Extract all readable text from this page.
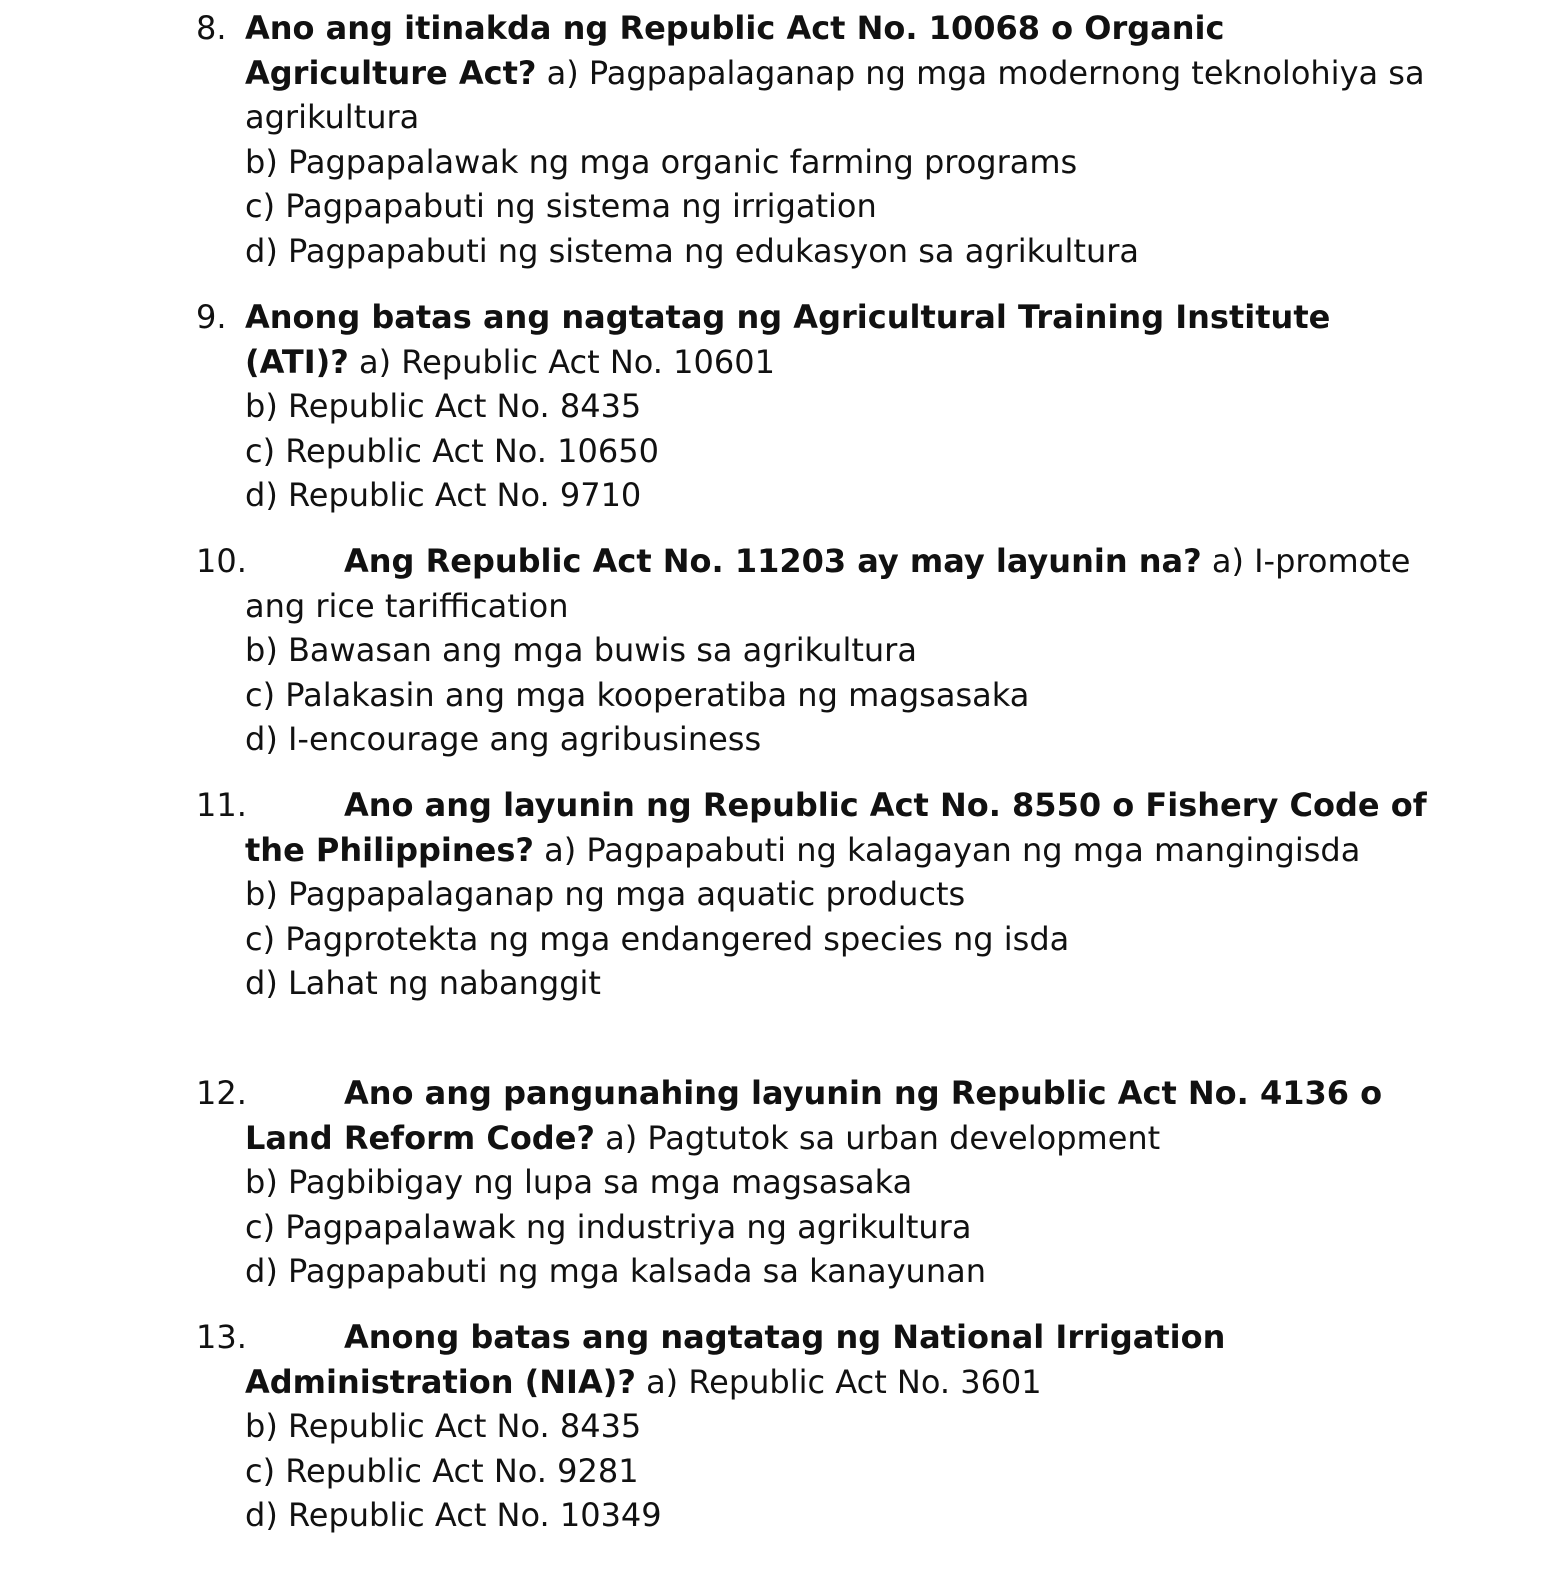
8. Ano ang itinakda ng Republic Act No. 10068 o Organic Agriculture Act? a) Pagpapalaganap ng mga modernong teknolohiya sa agrikultura
b) Pagpapalawak ng mga organic farming programs
c) Pagpapabuti ng sistema ng irrigation
d) Pagpapabuti ng sistema ng edukasyon sa agrikultura

9. Anong batas ang nagtatag ng Agricultural Training Institute (ATI)? a) Republic Act No. 10601
b) Republic Act No. 8435
c) Republic Act No. 10650
d) Republic Act No. 9710

10.	Ang Republic Act No. 11203 ay may layunin na? a) I-promote ang rice tariffication
b) Bawasan ang mga buwis sa agrikultura
c) Palakasin ang mga kooperatiba ng magsasaka
d) I-encourage ang agribusiness

11.	Ano ang layunin ng Republic Act No. 8550 o Fishery Code of the Philippines? a) Pagpapabuti ng kalagayan ng mga mangingisda
b) Pagpapalaganap ng mga aquatic products
c) Pagprotekta ng mga endangered species ng isda
d) Lahat ng nabanggit

12.	Ano ang pangunahing layunin ng Republic Act No. 4136 o Land Reform Code? a) Pagtutok sa urban development
b) Pagbibigay ng lupa sa mga magsasaka
c) Pagpapalawak ng industriya ng agrikultura
d) Pagpapabuti ng mga kalsada sa kanayunan

13.	Anong batas ang nagtatag ng National Irrigation Administration (NIA)? a) Republic Act No. 3601
b) Republic Act No. 8435
c) Republic Act No. 9281
d) Republic Act No. 10349
